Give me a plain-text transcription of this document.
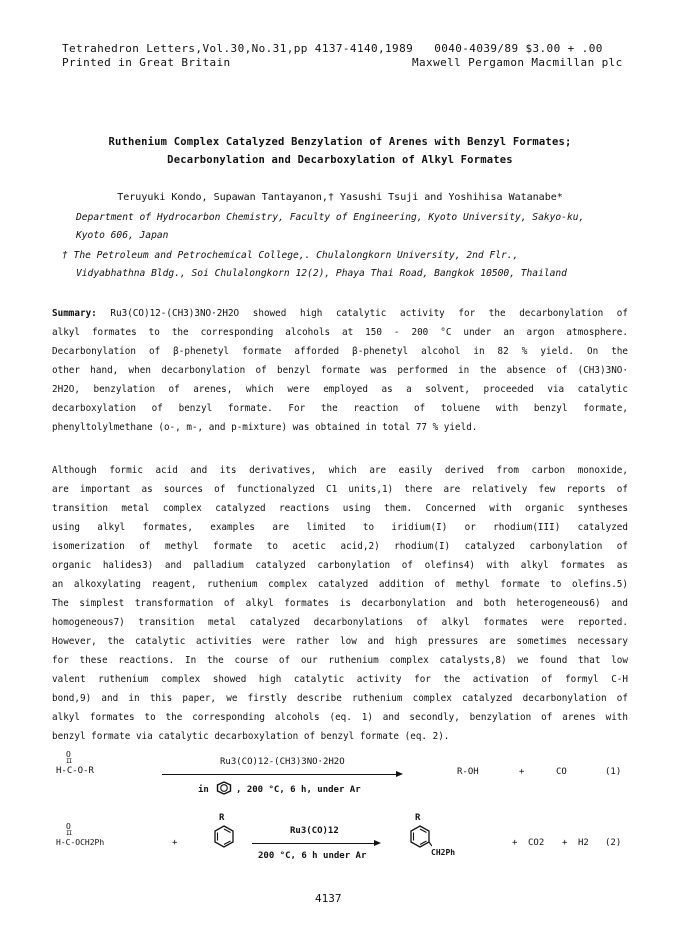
Tetrahedron Letters,Vol.30,No.31,pp 4137-4140,1989   0040-4039/89 $3.00 + .00
Printed in Great Britain	Maxwell Pergamon Macmillan plc
Ruthenium Complex Catalyzed Benzylation of Arenes with Benzyl Formates;
Decarbonylation and Decarboxylation of Alkyl Formates
Teruyuki Kondo, Supawan Tantayanon,† Yasushi Tsuji and Yoshihisa Watanabe*
Department of Hydrocarbon Chemistry, Faculty of Engineering, Kyoto University, Sakyo-ku,
Kyoto 606, Japan
† The Petroleum and Petrochemical College,. Chulalongkorn University, 2nd Flr.,
Vidyabhathna Bldg., Soi Chulalongkorn 12(2), Phaya Thai Road, Bangkok 10500, Thailand
Summary: Ru3(CO)12-(CH3)3NO·2H2O showed high catalytic activity for the decarbonylation of
alkyl formates to the corresponding alcohols at 150 - 200 °C under an argon atmosphere.
Decarbonylation of β-phenetyl formate afforded β-phenetyl alcohol in 82 % yield. On the
other hand, when decarbonylation of benzyl formate was performed in the absence of (CH3)3NO·
2H2O, benzylation of arenes, which were employed as a solvent, proceeded via catalytic
decarboxylation of benzyl formate. For the reaction of toluene with benzyl formate,
phenyltolylmethane (o-, m-, and p-mixture) was obtained in total 77 % yield.
Although formic acid and its derivatives, which are easily derived from carbon monoxide,
are important as sources of functionalyzed C1 units,1) there are relatively few reports of
transition metal complex catalyzed reactions using them. Concerned with organic syntheses
using alkyl formates, examples are limited to iridium(I) or rhodium(III) catalyzed
isomerization of methyl formate to acetic acid,2) rhodium(I) catalyzed carbonylation of
organic halides3) and palladium catalyzed carbonylation of olefins4) with alkyl formates as
an alkoxylating reagent, ruthenium complex catalyzed addition of methyl formate to olefins.5)
The simplest transformation of alkyl formates is decarbonylation and both heterogeneous6) and
homogeneous7) transition metal catalyzed decarbonylations of alkyl formates were reported.
However, the catalytic activities were rather low and high pressures are sometimes necessary
for these reactions. In the course of our ruthenium complex catalysts,8) we found that low
valent ruthenium complex showed high catalytic activity for the activation of formyl C-H
bond,9) and in this paper, we firstly describe ruthenium complex catalyzed decarbonylation of
alkyl formates to the corresponding alcohols (eq. 1) and secondly, benzylation of arenes with
benzyl formate via catalytic decarboxylation of benzyl formate (eq. 2).
O
II
H-C-O-R
Ru3(CO)12-(CH3)3NO·2H2O
in	, 200 °C, 6 h, under Ar
R-OH	+	CO	(1)
O
II
H-C-OCH2Ph	+
R
Ru3(CO)12
200 °C, 6 h under Ar
R
CH2Ph
+ CO2 + H2 (2)
4137
